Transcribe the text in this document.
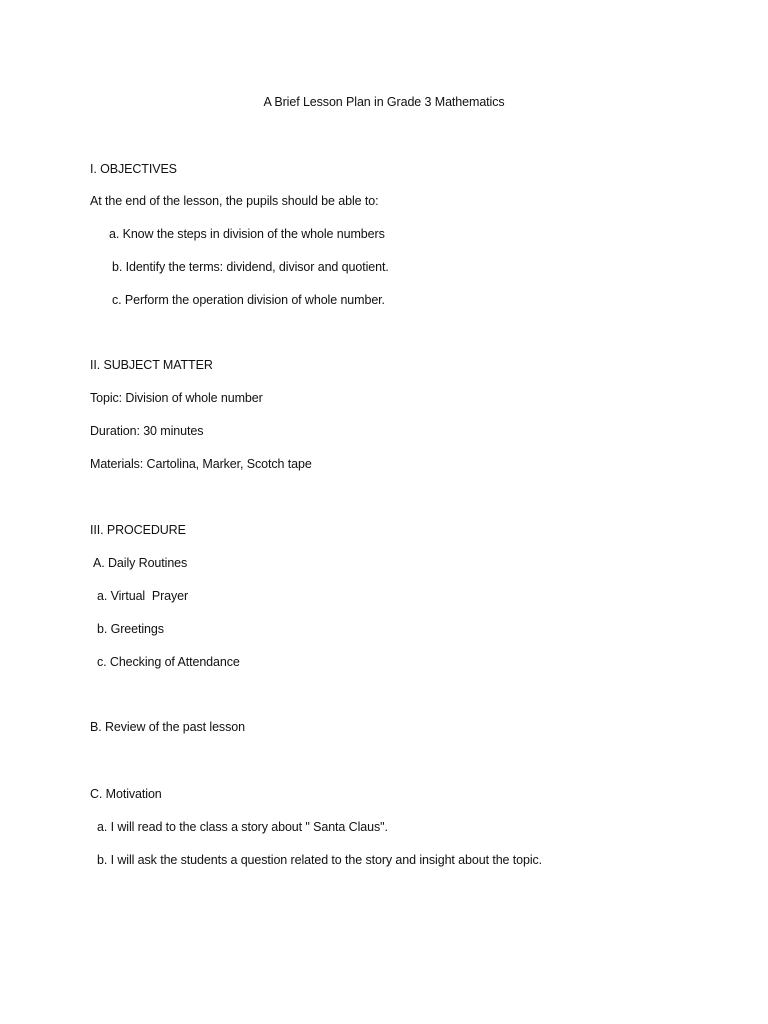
A Brief Lesson Plan in Grade 3 Mathematics
I. OBJECTIVES
At the end of the lesson, the pupils should be able to:
a. Know the steps in division of the whole numbers
b. Identify the terms: dividend, divisor and quotient.
c. Perform the operation division of whole number.
II. SUBJECT MATTER
Topic: Division of whole number
Duration: 30 minutes
Materials: Cartolina, Marker, Scotch tape
III. PROCEDURE
A. Daily Routines
a. Virtual  Prayer
b. Greetings
c. Checking of Attendance
B. Review of the past lesson
C. Motivation
a. I will read to the class a story about " Santa Claus".
b. I will ask the students a question related to the story and insight about the topic.
